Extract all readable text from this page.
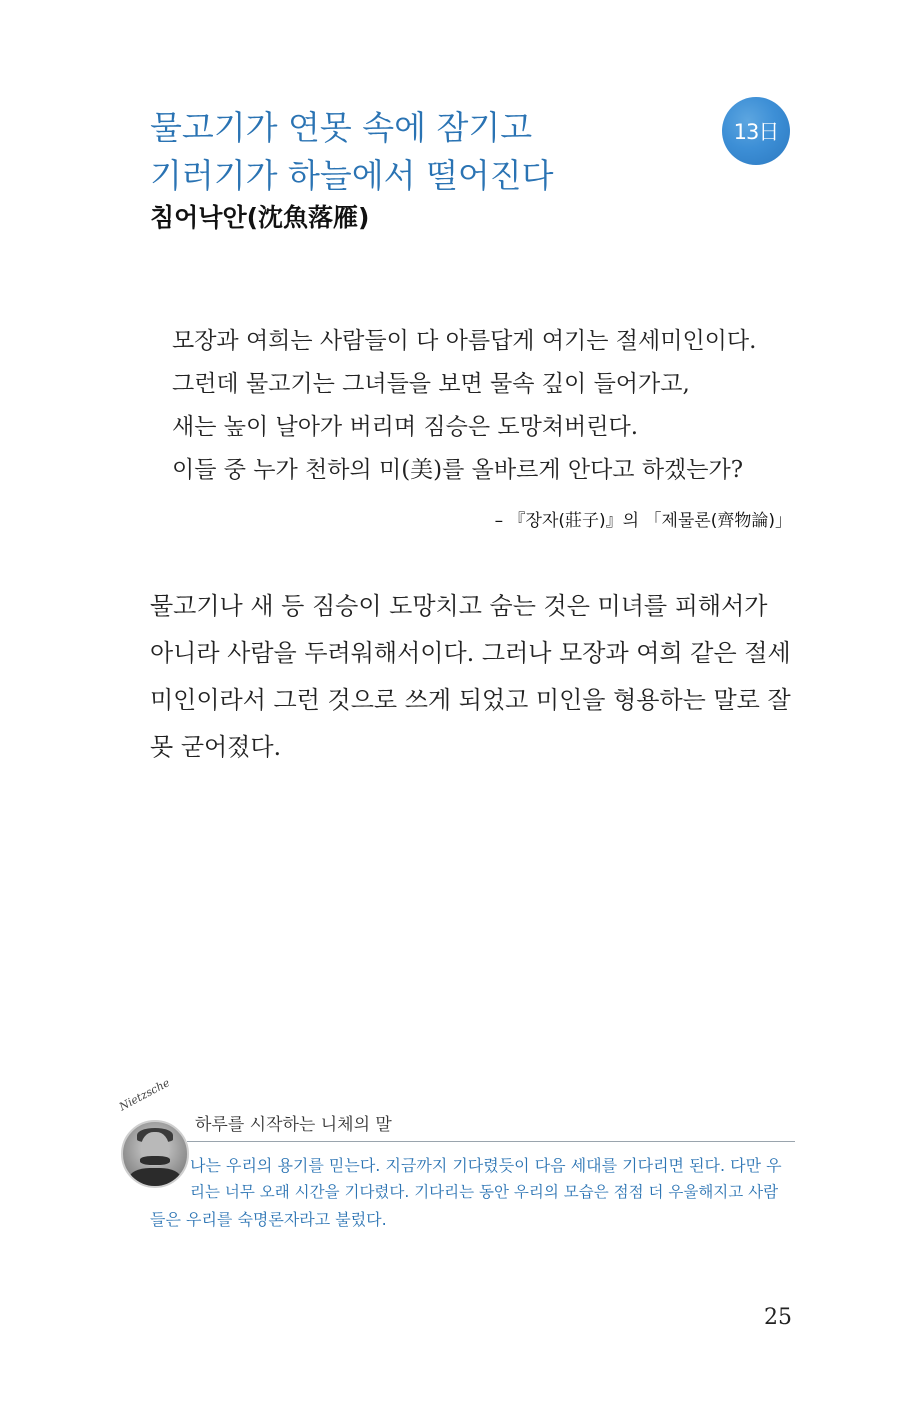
물고기가 연못 속에 잠기고
기러기가 하늘에서 떨어진다
13日
침어낙안(沈魚落雁)
모장과 여희는 사람들이 다 아름답게 여기는 절세미인이다.
그런데 물고기는 그녀들을 보면 물속 깊이 들어가고,
새는 높이 날아가 버리며 짐승은 도망쳐버린다.
이들 중 누가 천하의 미(美)를 올바르게 안다고 하겠는가?
– 『장자(莊子)』의 「제물론(齊物論)」
물고기나 새 등 짐승이 도망치고 숨는 것은 미녀를 피해서가
아니라 사람을 두려워해서이다. 그러나 모장과 여희 같은 절세
미인이라서 그런 것으로 쓰게 되었고 미인을 형용하는 말로 잘
못 굳어졌다.
Nietzsche
하루를 시작하는 니체의 말
나는 우리의 용기를 믿는다. 지금까지 기다렸듯이 다음 세대를 기다리면 된다. 다만 우
리는 너무 오래 시간을 기다렸다. 기다리는 동안 우리의 모습은 점점 더 우울해지고 사람
들은 우리를 숙명론자라고 불렀다.
25
